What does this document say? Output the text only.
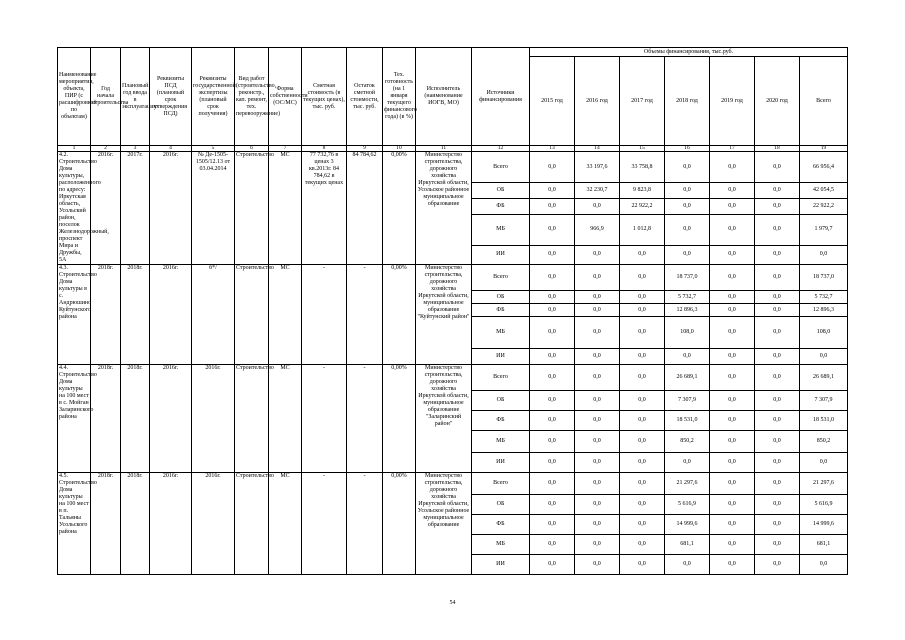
Наименование мероприятия, объекта, ПИР (с расшифровкой по объектам)	Год начала строительства	Плановый год ввода в эксплуатацию	Реквизиты ПСД (плановый срок утверждения ПСД)	Реквизиты государственной экспертизы (плановый срок получения)	Вид работ (строительство, реконстр., кап. ремонт, тех. перевооружение)	Форма собственности (ОС/МС)	Сметная стоимость (в текущих ценах), тыс. руб.	Остаток сметной стоимости, тыс. руб.	Тех. готовность (на 1 января текущего финансового года) (в %)	Исполнитель (наименование ИОГВ, МО)	Источники финансирования	Объемы финансирования, тыс.руб.						
												2015 год	2016 год	2017 год	2018 год	2019 год	2020 год	Всего
1	2	3	4	5	6	7	8	9	10	11	12	13	14	15	16	17	18	19
4.2. Строительство Дома культуры, расположенного по адресу: Иркутская область, Усольский район, поселок Железнодорожный, проспект Мира и Дружбы, 5А	2016г.	2017г.	2016г.	№ Де-1505-1505/12.13 от 03.04.2014	Строительство	МС	77 732,76 в ценах 3 кв.2013г. 84 784,62 в текущих ценах	84 784,62	0,00%	Министерство строительства, дорожного хозяйства Иркутской области, Усольское районное муниципальное образование	Всего	0,0	33 197,6	33 758,8	0,0	0,0	0,0	66 956,4
											ОБ	0,0	32 230,7	9 823,8	0,0	0,0	0,0	42 054,5
											ФБ	0,0	0,0	22 922,2	0,0	0,0	0,0	22 922,2
											МБ	0,0	966,9	1 012,8	0,0	0,0	0,0	1 979,7
											ИИ	0,0	0,0	0,0	0,0	0,0	0,0	0,0
4.3. Строительство Дома культуры в с. Андрюшино Куйтунского района	2018г.	2018г.	2016г.	б*/	Строительство	МС	-	-	0,00%	Министерство строительства, дорожного хозяйства Иркутской области, муниципальное образование "Куйтунский район"	Всего	0,0	0,0	0,0	18 737,0	0,0	0,0	18 737,0
											ОБ	0,0	0,0	0,0	5 732,7	0,0	0,0	5 732,7
											ФБ	0,0	0,0	0,0	12 896,3	0,0	0,0	12 896,3
											МБ	0,0	0,0	0,0	108,0	0,0	0,0	108,0
											ИИ	0,0	0,0	0,0	0,0	0,0	0,0	0,0
4.4. Строительство Дома культуры на 100 мест в с. Мойган Заларинского района	2018г.	2018г.	2016г.	2016г.	Строительство	МС	-	-	0,00%	Министерство строительства, дорожного хозяйства Иркутской области, муниципальное образование "Заларинский район"	Всего	0,0	0,0	0,0	26 689,1	0,0	0,0	26 689,1
											ОБ	0,0	0,0	0,0	7 307,9	0,0	0,0	7 307,9
											ФБ	0,0	0,0	0,0	18 531,0	0,0	0,0	18 531,0
											МБ	0,0	0,0	0,0	850,2	0,0	0,0	850,2
											ИИ	0,0	0,0	0,0	0,0	0,0	0,0	0,0
4.5. Строительство Дома культуры на 100 мест в п. Тальяны Усольского района	2018г.	2018г.	2016г.	2016г.	Строительство	МС	-	-	0,00%	Министерство строительства, дорожного хозяйства Иркутской области, Усольское районное муниципальное образование	Всего	0,0	0,0	0,0	21 297,6	0,0	0,0	21 297,6
											ОБ	0,0	0,0	0,0	5 616,9	0,0	0,0	5 616,9
											ФБ	0,0	0,0	0,0	14 999,6	0,0	0,0	14 999,6
											МБ	0,0	0,0	0,0	681,1	0,0	0,0	681,1
											ИИ	0,0	0,0	0,0	0,0	0,0	0,0	0,0
54
